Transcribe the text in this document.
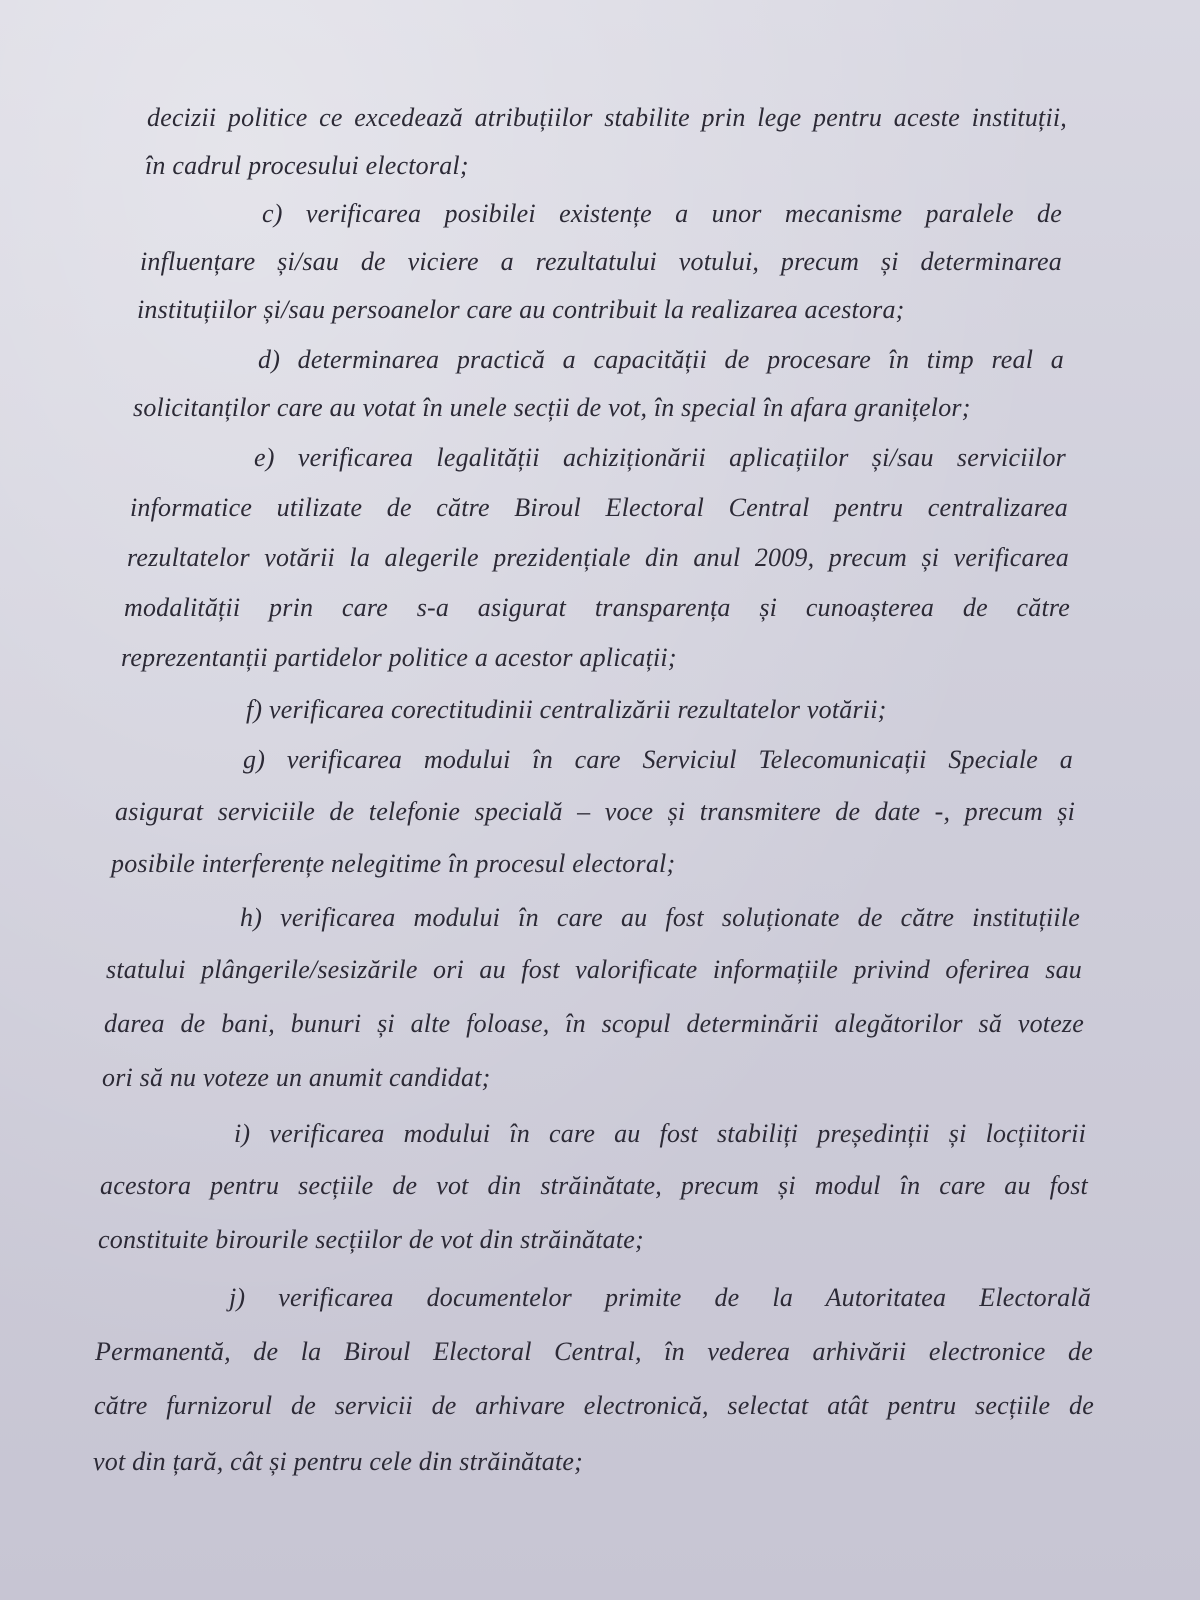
decizii politice ce excedează atribuțiilor stabilite prin lege pentru aceste instituții,
în cadrul procesului electoral;
c) verificarea posibilei existențe a unor mecanisme paralele de
influențare și/sau de viciere a rezultatului votului, precum și determinarea
instituțiilor și/sau persoanelor care au contribuit la realizarea acestora;
d) determinarea practică a capacității de procesare în timp real a
solicitanților care au votat în unele secții de vot, în special în afara granițelor;
e) verificarea legalității achiziționării aplicațiilor și/sau serviciilor
informatice utilizate de către Biroul Electoral Central pentru centralizarea
rezultatelor votării la alegerile prezidențiale din anul 2009, precum și verificarea
modalității prin care s-a asigurat transparența și cunoașterea de către
reprezentanții partidelor politice a acestor aplicații;
f) verificarea corectitudinii centralizării rezultatelor votării;
g) verificarea modului în care Serviciul Telecomunicații Speciale a
asigurat serviciile de telefonie specială – voce și transmitere de date -, precum și
posibile interferențe nelegitime în procesul electoral;
h) verificarea modului în care au fost soluționate de către instituțiile
statului plângerile/sesizările ori au fost valorificate informațiile privind oferirea sau
darea de bani, bunuri și alte foloase, în scopul determinării alegătorilor să voteze
ori să nu voteze un anumit candidat;
i) verificarea modului în care au fost stabiliți președinții și locțiitorii
acestora pentru secțiile de vot din străinătate, precum și modul în care au fost
constituite birourile secțiilor de vot din străinătate;
j) verificarea documentelor primite de la Autoritatea Electorală
Permanentă, de la Biroul Electoral Central, în vederea arhivării electronice de
către furnizorul de servicii de arhivare electronică, selectat atât pentru secțiile de
vot din țară, cât și pentru cele din străinătate;
